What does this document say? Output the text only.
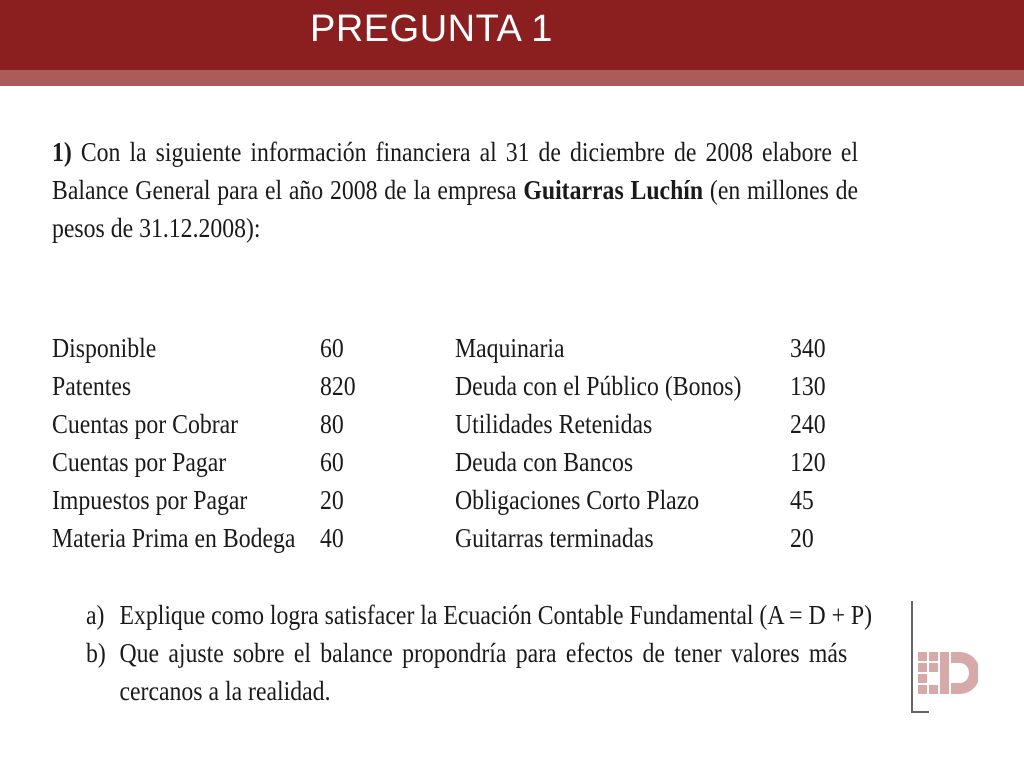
PREGUNTA 1
1) Con la siguiente información financiera al 31 de diciembre de 2008 elabore el Balance General para el año 2008 de la empresa Guitarras Luchín (en millones de pesos de 31.12.2008):
Disponible	60
Patentes	820
Cuentas por Cobrar	80
Cuentas por Pagar	60
Impuestos por Pagar	20
Materia Prima en Bodega 40
Maquinaria	340
Deuda con el Público (Bonos) 130
Utilidades Retenidas	240
Deuda con Bancos	120
Obligaciones Corto Plazo	45
Guitarras terminadas	20
a) Explique como logra satisfacer la Ecuación Contable Fundamental (A = D + P)
b) Que ajuste sobre el balance propondría para efectos de tener valores más cercanos a la realidad.
